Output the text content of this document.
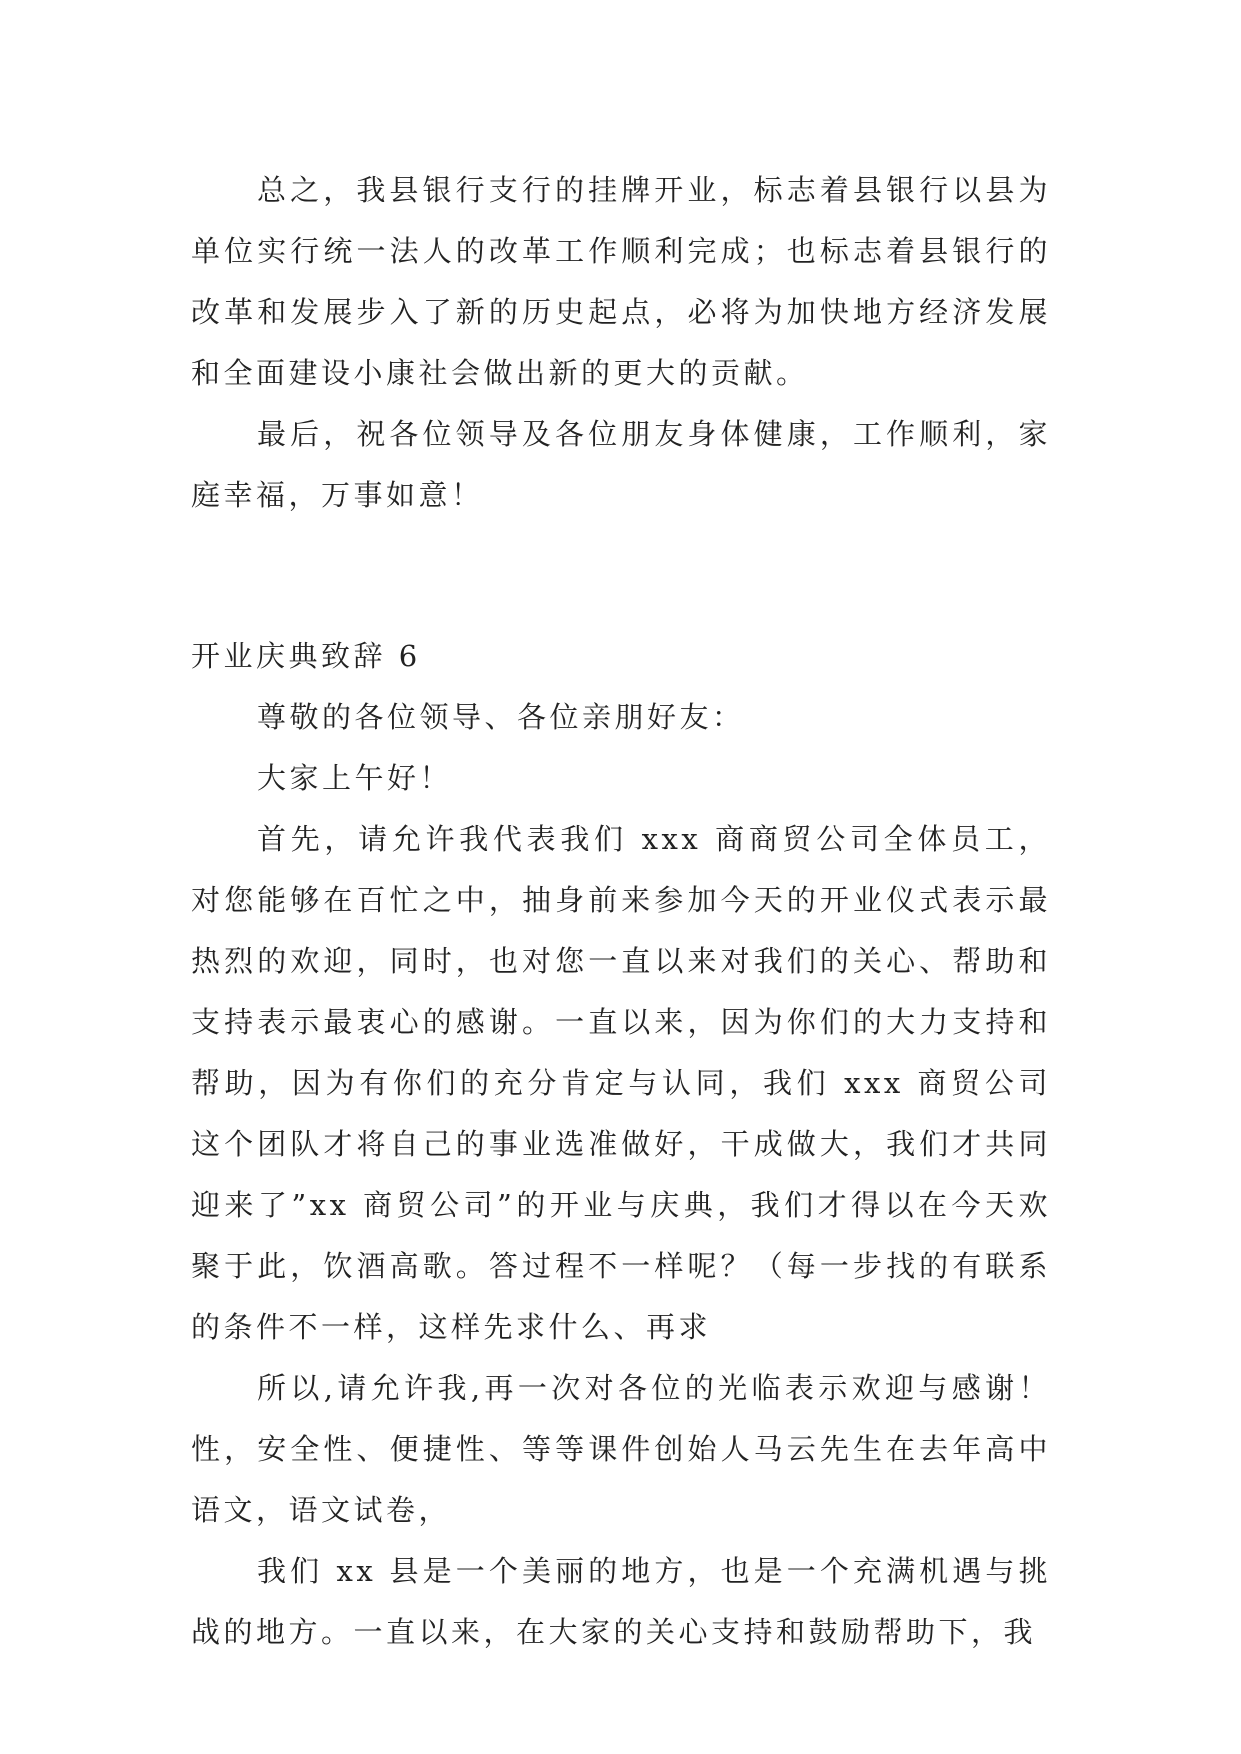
总之，我县银行支行的挂牌开业，标志着县银行以县为单位实行统一法人的改革工作顺利完成；也标志着县银行的改革和发展步入了新的历史起点，必将为加快地方经济发展和全面建设小康社会做出新的更大的贡献。

最后，祝各位领导及各位朋友身体健康，工作顺利，家庭幸福，万事如意！

开业庆典致辞 6

尊敬的各位领导、各位亲朋好友：

大家上午好！

首先，请允许我代表我们 xxx 商商贸公司全体员工，对您能够在百忙之中，抽身前来参加今天的开业仪式表示最热烈的欢迎，同时，也对您一直以来对我们的关心、帮助和支持表示最衷心的感谢。一直以来，因为你们的大力支持和帮助，因为有你们的充分肯定与认同，我们 xxx 商贸公司这个团队才将自己的事业选准做好，干成做大，我们才共同迎来了”xx 商贸公司”的开业与庆典，我们才得以在今天欢聚于此，饮酒高歌。答过程不一样呢？（每一步找的有联系的条件不一样，这样先求什么、再求

所以,请允许我,再一次对各位的光临表示欢迎与感谢！性，安全性、便捷性、等等课件创始人马云先生在去年高中语文，语文试卷，

我们 xx 县是一个美丽的地方，也是一个充满机遇与挑战的地方。一直以来，在大家的关心支持和鼓励帮助下，我
